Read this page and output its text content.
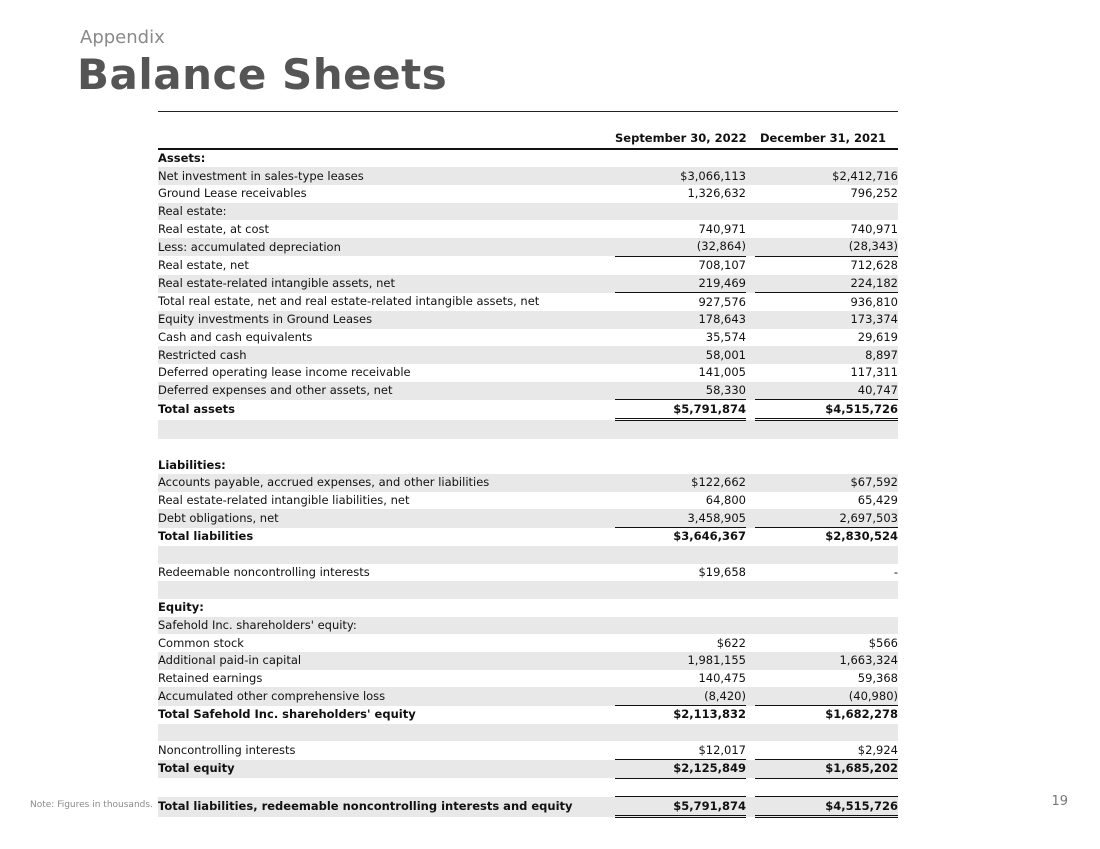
Appendix
Balance Sheets
	September 30, 2022		December 31, 2021
Assets:			
Net investment in sales-type leases	$3,066,113		$2,412,716
Ground Lease receivables	1,326,632		796,252
Real estate:			
Real estate, at cost	740,971		740,971
Less: accumulated depreciation	(32,864)		(28,343)
Real estate, net	708,107		712,628
Real estate-related intangible assets, net	219,469		224,182
Total real estate, net and real estate-related intangible assets, net	927,576		936,810
Equity investments in Ground Leases	178,643		173,374
Cash and cash equivalents	35,574		29,619
Restricted cash	58,001		8,897
Deferred operating lease income receivable	141,005		117,311
Deferred expenses and other assets, net	58,330		40,747
Total assets	$5,791,874		$4,515,726

Liabilities:			
Accounts payable, accrued expenses, and other liabilities	$122,662		$67,592
Real estate-related intangible liabilities, net	64,800		65,429
Debt obligations, net	3,458,905		2,697,503
Total liabilities	$3,646,367		$2,830,524

Redeemable noncontrolling interests	$19,658		-

Equity:			
Safehold Inc. shareholders' equity:			
Common stock	$622		$566
Additional paid-in capital	1,981,155		1,663,324
Retained earnings	140,475		59,368
Accumulated other comprehensive loss	(8,420)		(40,980)
Total Safehold Inc. shareholders' equity	$2,113,832		$1,682,278

Noncontrolling interests	$12,017		$2,924
Total equity	$2,125,849		$1,685,202

Total liabilities, redeemable noncontrolling interests and equity	$5,791,874		$4,515,726
Note: Figures in thousands.	19
